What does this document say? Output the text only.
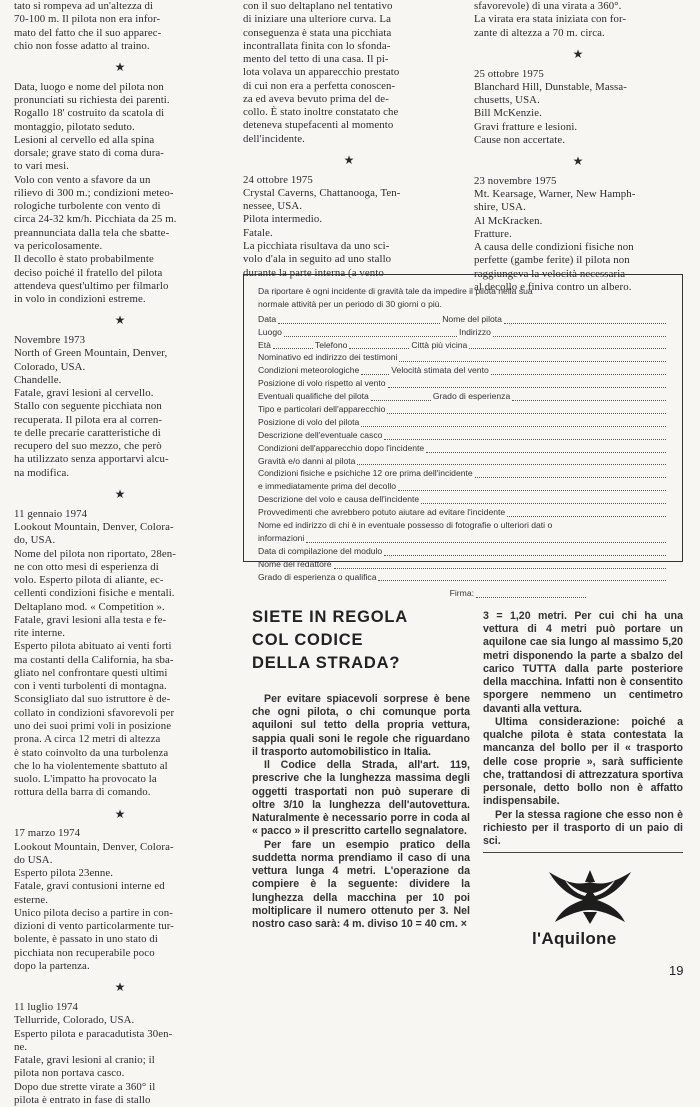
tato si rompeva ad un'altezza di

70-100 m. Il pilota non era infor-

mato del fatto che il suo apparec-

chio non fosse adatto al traino.

★

Data, luogo e nome del pilota non

pronunciati su richiesta dei parenti.

Rogallo 18' costruito da scatola di

montaggio, pilotato seduto.

Lesioni al cervello ed alla spina

dorsale; grave stato di coma dura-

to vari mesi.

Volo con vento a sfavore da un

rilievo di 300 m.; condizioni meteo-

rologiche turbolente con vento di

circa 24-32 km/h. Picchiata da 25 m.

preannunciata dalla tela che sbatte-

va pericolosamente.

Il decollo è stato probabilmente

deciso poiché il fratello del pilota

attendeva quest'ultimo per filmarlo

in volo in condizioni estreme.

★

Novembre 1973

North of Green Mountain, Denver,

Colorado, USA.

Chandelle.

Fatale, gravi lesioni al cervello.

Stallo con seguente picchiata non

recuperata. Il pilota era al corren-

te delle precarie caratteristiche di

recupero del suo mezzo, che però

ha utilizzato senza apportarvi alcu-

na modifica.

★

11 gennaio 1974

Lookout Mountain, Denver, Colora-

do, USA.

Nome del pilota non riportato, 28en-

ne con otto mesi di esperienza di

volo. Esperto pilota di aliante, ec-

cellenti condizioni fisiche e mentali.

Deltaplano mod. « Competition ».

Fatale, gravi lesioni alla testa e fe-

rite interne.

Esperto pilota abituato ai venti forti

ma costanti della California, ha sba-

gliato nel confrontare questi ultimi

con i venti turbolenti di montagna.

Sconsigliato dal suo istruttore è de-

collato in condizioni sfavorevoli per

uno dei suoi primi voli in posizione

prona. A circa 12 metri di altezza

è stato coinvolto da una turbolenza

che lo ha violentemente sbattuto al

suolo. L'impatto ha provocato la

rottura della barra di comando.

★

17 marzo 1974

Lookout Mountain, Denver, Colora-

do USA.

Esperto pilota 23enne.

Fatale, gravi contusioni interne ed

esterne.

Unico pilota deciso a partire in con-

dizioni di vento particolarmente tur-

bolente, è passato in uno stato di

picchiata non recuperabile poco

dopo la partenza.

★

11 luglio 1974

Tellurride, Colorado, USA.

Esperto pilota e paracadutista 30en-

ne.

Fatale, gravi lesioni al cranio; il

pilota non portava casco.

Dopo due strette virate a 360° il

pilota è entrato in fase di stallo

con il suo deltaplano nel tentativo

di iniziare una ulteriore curva. La

conseguenza è stata una picchiata

incontrallata finita con lo sfonda-

mento del tetto di una casa. Il pi-

lota volava un apparecchio prestato

di cui non era a perfetta conoscen-

za ed aveva bevuto prima del de-

collo. È stato inoltre constatato che

deteneva stupefacenti al momento

dell'incidente.

★

24 ottobre 1975

Crystal Caverns, Chattanooga, Ten-

nessee, USA.

Pilota intermedio.

Fatale.

La picchiata risultava da uno sci-

volo d'ala in seguito ad uno stallo

durante la parte interna (a vento

sfavorevole) di una virata a 360°.

La virata era stata iniziata con for-

zante di altezza a 70 m. circa.

★

25 ottobre 1975

Blanchard Hill, Dunstable, Massa-

chusetts, USA.

Bill McKenzie.

Gravi fratture e lesioni.

Cause non accertate.

★

23 novembre 1975

Mt. Kearsage, Warner, New Hamph-

shire, USA.

Al McKracken.

Fratture.

A causa delle condizioni fisiche non

perfette (gambe ferite) il pilota non

raggiungeva la velocità necessaria

al decollo e finiva contro un albero.

Da riportare è ogni incidente di gravità tale da impedire il pilota nella sua
normale attività per un periodo di 30 giorni o più.
Data	Nome del pilota
Luogo	Indirizzo
Età	Telefono	Città più vicina
Nominativo ed indirizzo dei testimoni
Condizioni meteorologiche	Velocità stimata del vento
Posizione di volo rispetto al vento
Eventuali qualifiche del pilota	Grado di esperienza
Tipo e particolari dell'apparecchio
Posizione di volo del pilota
Descrizione dell'eventuale casco
Condizioni dell'apparecchio dopo l'incidente
Gravità e/o danni al pilota
Condizioni fisiche e psichiche 12 ore prima dell'incidente
e immediatamente prima del decollo
Descrizione del volo e causa dell'incidente
Provvedimenti che avrebbero potuto aiutare ad evitare l'incidente
Nome ed indirizzo di chi è in eventuale possesso di fotografie o ulteriori dati o
informazioni
Data di compilazione del modulo
Nome del redattore
Grado di esperienza o qualifica
Firma:
SIETE IN REGOLA
COL CODICE
DELLA STRADA?

Per evitare spiacevoli sorprese è bene che ogni pilota, o chi comunque porta aquiloni sul tetto della propria vettura, sappia quali soni le regole che riguardano il trasporto automobilistico in Italia.

Il Codice della Strada, all'art. 119, prescrive che la lunghezza massima degli oggetti trasportati non può superare di oltre 3/10 la lunghezza dell'autovettura. Naturalmente è necessario porre in coda al « pacco » il prescritto cartello segnalatore.

Per fare un esempio pratico della suddetta norma prendiamo il caso di una vettura lunga 4 metri. L'operazione da compiere è la seguente: dividere la lunghezza della macchina per 10 poi moltiplicare il numero ottenuto per 3. Nel nostro caso sarà: 4 m. diviso 10 = 40 cm. ×

3 = 1,20 metri. Per cui chi ha una vettura di 4 metri può portare un aquilone cae sia lungo al massimo 5,20 metri disponendo la parte a sbalzo del carico TUTTA dalla parte posteriore della macchina. Infatti non è consentito sporgere nemmeno un centimetro davanti alla vettura.

Ultima considerazione: poiché a qualche pilota è stata contestata la mancanza del bollo per il « trasporto delle cose proprie », sarà sufficiente che, trattandosi di attrezzatura sportiva personale, detto bollo non è affatto indispensabile.

Per la stessa ragione che esso non è richiesto per il trasporto di un paio di sci.

l'Aquilone
19
